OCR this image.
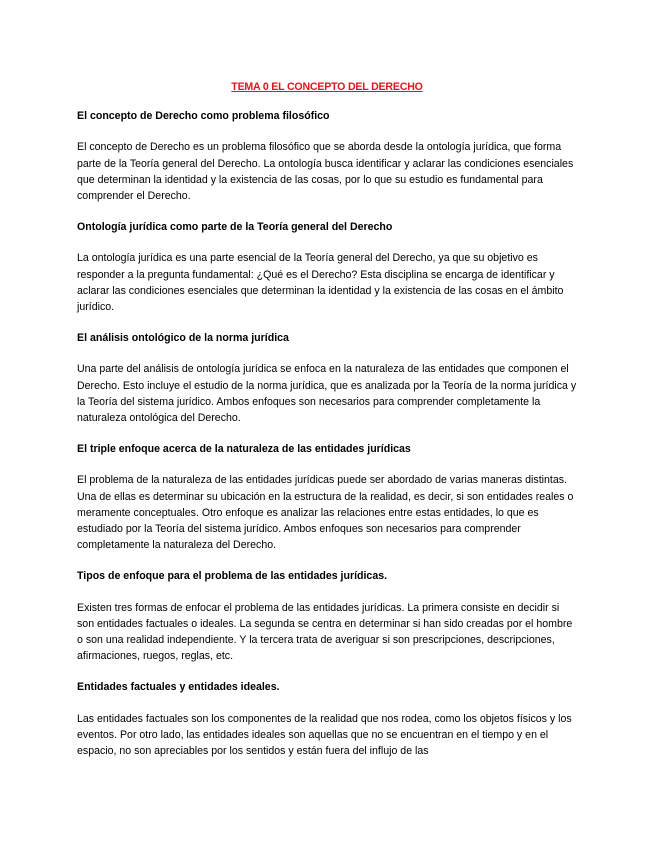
TEMA 0 EL CONCEPTO DEL DERECHO
El concepto de Derecho como problema filosófico
El concepto de Derecho es un problema filosófico que se aborda desde la ontología jurídica, que forma parte de la Teoría general del Derecho. La ontología busca identificar y aclarar las condiciones esenciales que determinan la identidad y la existencia de las cosas, por lo que su estudio es fundamental para comprender el Derecho.
Ontología jurídica como parte de la Teoría general del Derecho
La ontología jurídica es una parte esencial de la Teoría general del Derecho, ya que su objetivo es responder a la pregunta fundamental: ¿Qué es el Derecho? Esta disciplina se encarga de identificar y aclarar las condiciones esenciales que determinan la identidad y la existencia de las cosas en el ámbito jurídico.
El análisis ontológico de la norma jurídica
Una parte del análisis de ontología jurídica se enfoca en la naturaleza de las entidades que componen el Derecho. Esto incluye el estudio de la norma jurídica, que es analizada por la Teoría de la norma jurídica y la Teoría del sistema jurídico. Ambos enfoques son necesarios para comprender completamente la naturaleza ontológica del Derecho.
El triple enfoque acerca de la naturaleza de las entidades jurídicas
El problema de la naturaleza de las entidades jurídicas puede ser abordado de varias maneras distintas. Una de ellas es determinar su ubicación en la estructura de la realidad, es decir, si son entidades reales o meramente conceptuales. Otro enfoque es analizar las relaciones entre estas entidades, lo que es estudiado por la Teoría del sistema jurídico. Ambos enfoques son necesarios para comprender completamente la naturaleza del Derecho.
Tipos de enfoque para el problema de las entidades jurídicas.
Existen tres formas de enfocar el problema de las entidades jurídicas. La primera consiste en decidir si son entidades factuales o ideales. La segunda se centra en determinar si han sido creadas por el hombre o son una realidad independiente. Y la tercera trata de averiguar si son prescripciones, descripciones, afirmaciones, ruegos, reglas, etc.
Entidades factuales y entidades ideales.
Las entidades factuales son los componentes de la realidad que nos rodea, como los objetos físicos y los eventos. Por otro lado, las entidades ideales son aquellas que no se encuentran en el tiempo y en el espacio, no son apreciables por los sentidos y están fuera del influjo de las
